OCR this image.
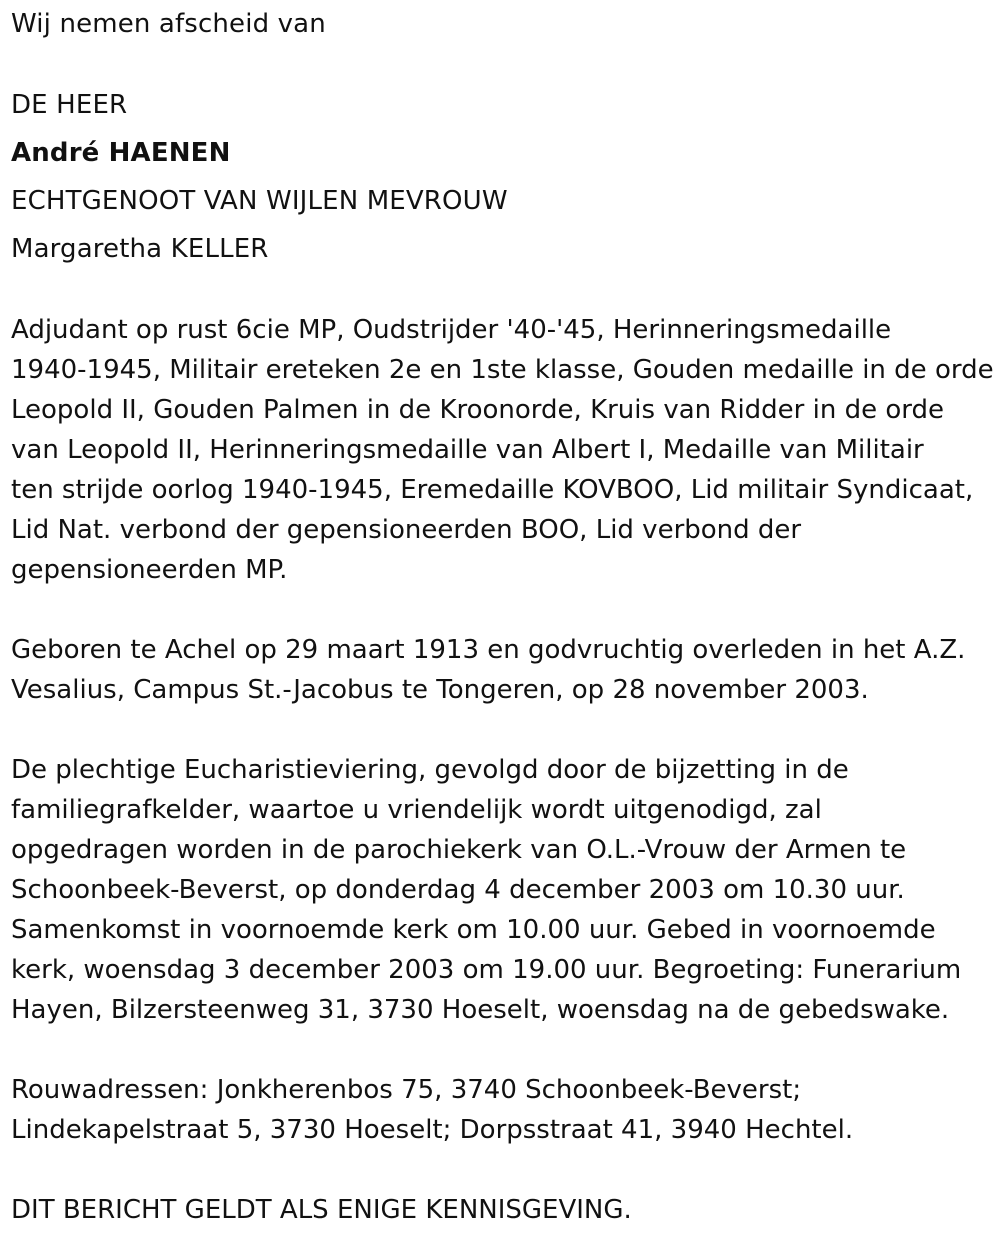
Wij nemen afscheid van
DE HEER
André HAENEN
ECHTGENOOT VAN WIJLEN MEVROUW
Margaretha KELLER
Adjudant op rust 6cie MP, Oudstrijder '40-'45, Herinneringsmedaille
1940-1945, Militair ereteken 2e en 1ste klasse, Gouden medaille in de orde
Leopold II, Gouden Palmen in de Kroonorde, Kruis van Ridder in de orde
van Leopold II, Herinneringsmedaille van Albert I, Medaille van Militair
ten strijde oorlog 1940-1945, Eremedaille KOVBOO, Lid militair Syndicaat,
Lid Nat. verbond der gepensioneerden BOO, Lid verbond der
gepensioneerden MP.
Geboren te Achel op 29 maart 1913 en godvruchtig overleden in het A.Z.
Vesalius, Campus St.-Jacobus te Tongeren, op 28 november 2003.
De plechtige Eucharistieviering, gevolgd door de bijzetting in de
familiegrafkelder, waartoe u vriendelijk wordt uitgenodigd, zal
opgedragen worden in de parochiekerk van O.L.-Vrouw der Armen te
Schoonbeek-Beverst, op donderdag 4 december 2003 om 10.30 uur.
Samenkomst in voornoemde kerk om 10.00 uur. Gebed in voornoemde
kerk, woensdag 3 december 2003 om 19.00 uur. Begroeting: Funerarium
Hayen, Bilzersteenweg 31, 3730 Hoeselt, woensdag na de gebedswake.
Rouwadressen: Jonkherenbos 75, 3740 Schoonbeek-Beverst;
Lindekapelstraat 5, 3730 Hoeselt; Dorpsstraat 41, 3940 Hechtel.
DIT BERICHT GELDT ALS ENIGE KENNISGEVING.
